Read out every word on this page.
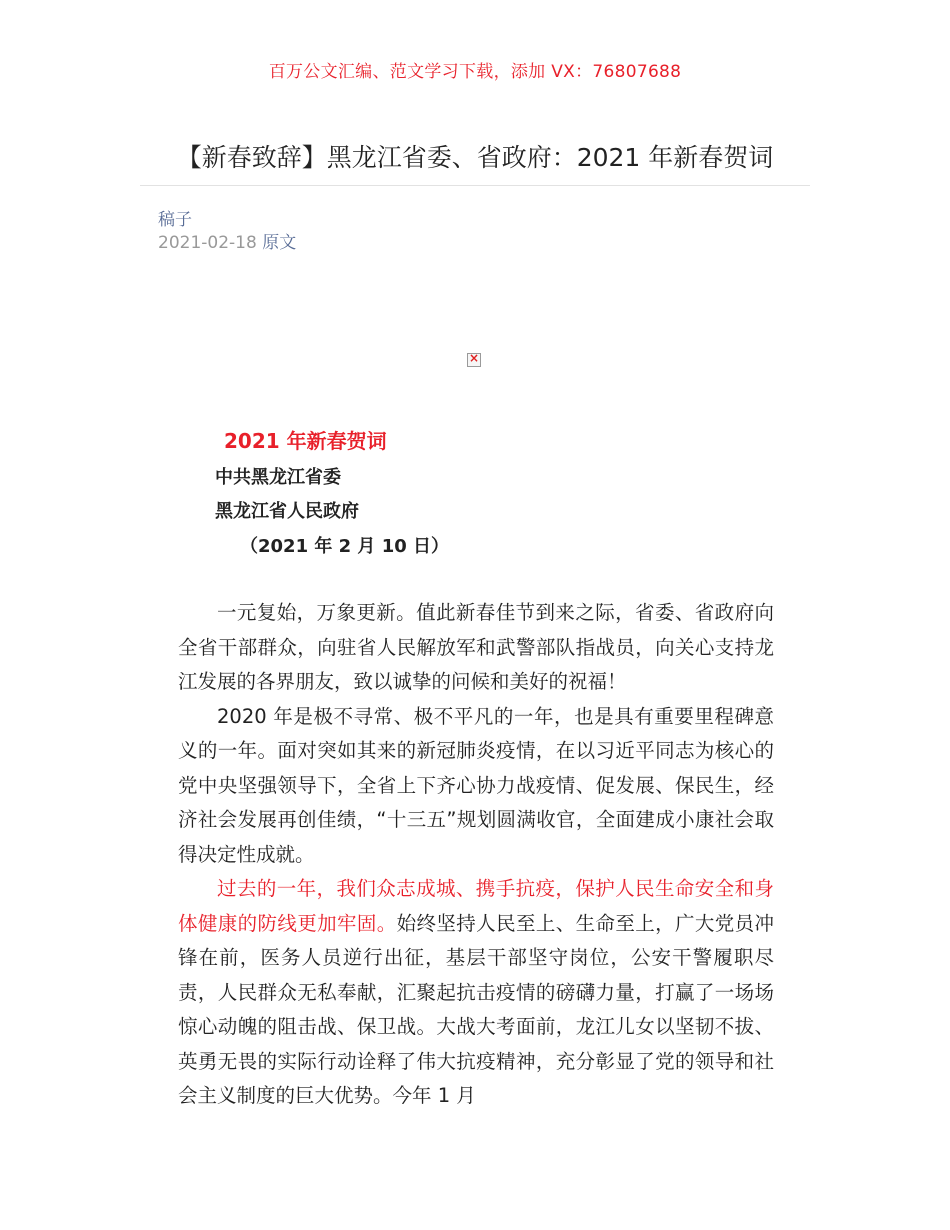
百万公文汇编、范文学习下载，添加 VX：76807688
【新春致辞】黑龙江省委、省政府：2021 年新春贺词
稿子
2021-02-18 原文
×
2021 年新春贺词
中共黑龙江省委
黑龙江省人民政府
（2021 年 2 月 10 日）

一元复始，万象更新。值此新春佳节到来之际，省委、省政府向全省干部群众，向驻省人民解放军和武警部队指战员，向关心支持龙江发展的各界朋友，致以诚挚的问候和美好的祝福！

2020 年是极不寻常、极不平凡的一年，也是具有重要里程碑意义的一年。面对突如其来的新冠肺炎疫情，在以习近平同志为核心的党中央坚强领导下，全省上下齐心协力战疫情、促发展、保民生，经济社会发展再创佳绩，“十三五”规划圆满收官，全面建成小康社会取得决定性成就。

过去的一年，我们众志成城、携手抗疫，保护人民生命安全和身体健康的防线更加牢固。始终坚持人民至上、生命至上，广大党员冲锋在前，医务人员逆行出征，基层干部坚守岗位，公安干警履职尽责，人民群众无私奉献，汇聚起抗击疫情的磅礴力量，打赢了一场场惊心动魄的阻击战、保卫战。大战大考面前，龙江儿女以坚韧不拔、英勇无畏的实际行动诠释了伟大抗疫精神，充分彰显了党的领导和社会主义制度的巨大优势。今年 1 月
